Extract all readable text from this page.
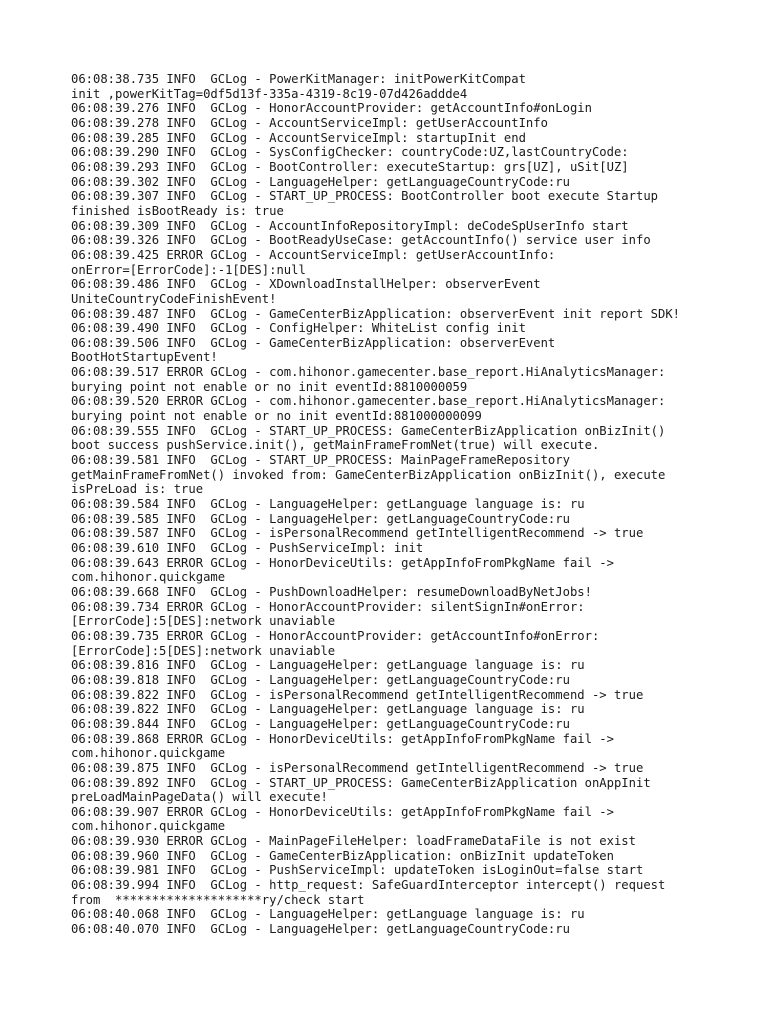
06:08:38.735 INFO  GCLog - PowerKitManager: initPowerKitCompat
init ,powerKitTag=0df5d13f-335a-4319-8c19-07d426addde4
06:08:39.276 INFO  GCLog - HonorAccountProvider: getAccountInfo#onLogin
06:08:39.278 INFO  GCLog - AccountServiceImpl: getUserAccountInfo
06:08:39.285 INFO  GCLog - AccountServiceImpl: startupInit end
06:08:39.290 INFO  GCLog - SysConfigChecker: countryCode:UZ,lastCountryCode:
06:08:39.293 INFO  GCLog - BootController: executeStartup: grs[UZ], uSit[UZ]
06:08:39.302 INFO  GCLog - LanguageHelper: getLanguageCountryCode:ru
06:08:39.307 INFO  GCLog - START_UP_PROCESS: BootController boot execute Startup
finished isBootReady is: true
06:08:39.309 INFO  GCLog - AccountInfoRepositoryImpl: deCodeSpUserInfo start
06:08:39.326 INFO  GCLog - BootReadyUseCase: getAccountInfo() service user info
06:08:39.425 ERROR GCLog - AccountServiceImpl: getUserAccountInfo:
onError=[ErrorCode]:-1[DES]:null
06:08:39.486 INFO  GCLog - XDownloadInstallHelper: observerEvent
UniteCountryCodeFinishEvent!
06:08:39.487 INFO  GCLog - GameCenterBizApplication: observerEvent init report SDK!
06:08:39.490 INFO  GCLog - ConfigHelper: WhiteList config init
06:08:39.506 INFO  GCLog - GameCenterBizApplication: observerEvent
BootHotStartupEvent!
06:08:39.517 ERROR GCLog - com.hihonor.gamecenter.base_report.HiAnalyticsManager:
burying point not enable or no init eventId:8810000059
06:08:39.520 ERROR GCLog - com.hihonor.gamecenter.base_report.HiAnalyticsManager:
burying point not enable or no init eventId:881000000099
06:08:39.555 INFO  GCLog - START_UP_PROCESS: GameCenterBizApplication onBizInit()
boot success pushService.init(), getMainFrameFromNet(true) will execute.
06:08:39.581 INFO  GCLog - START_UP_PROCESS: MainPageFrameRepository
getMainFrameFromNet() invoked from: GameCenterBizApplication onBizInit(), execute
isPreLoad is: true
06:08:39.584 INFO  GCLog - LanguageHelper: getLanguage language is: ru
06:08:39.585 INFO  GCLog - LanguageHelper: getLanguageCountryCode:ru
06:08:39.587 INFO  GCLog - isPersonalRecommend getIntelligentRecommend -> true
06:08:39.610 INFO  GCLog - PushServiceImpl: init
06:08:39.643 ERROR GCLog - HonorDeviceUtils: getAppInfoFromPkgName fail ->
com.hihonor.quickgame
06:08:39.668 INFO  GCLog - PushDownloadHelper: resumeDownloadByNetJobs!
06:08:39.734 ERROR GCLog - HonorAccountProvider: silentSignIn#onError:
[ErrorCode]:5[DES]:network unaviable
06:08:39.735 ERROR GCLog - HonorAccountProvider: getAccountInfo#onError:
[ErrorCode]:5[DES]:network unaviable
06:08:39.816 INFO  GCLog - LanguageHelper: getLanguage language is: ru
06:08:39.818 INFO  GCLog - LanguageHelper: getLanguageCountryCode:ru
06:08:39.822 INFO  GCLog - isPersonalRecommend getIntelligentRecommend -> true
06:08:39.822 INFO  GCLog - LanguageHelper: getLanguage language is: ru
06:08:39.844 INFO  GCLog - LanguageHelper: getLanguageCountryCode:ru
06:08:39.868 ERROR GCLog - HonorDeviceUtils: getAppInfoFromPkgName fail ->
com.hihonor.quickgame
06:08:39.875 INFO  GCLog - isPersonalRecommend getIntelligentRecommend -> true
06:08:39.892 INFO  GCLog - START_UP_PROCESS: GameCenterBizApplication onAppInit
preLoadMainPageData() will execute!
06:08:39.907 ERROR GCLog - HonorDeviceUtils: getAppInfoFromPkgName fail ->
com.hihonor.quickgame
06:08:39.930 ERROR GCLog - MainPageFileHelper: loadFrameDataFile is not exist
06:08:39.960 INFO  GCLog - GameCenterBizApplication: onBizInit updateToken
06:08:39.981 INFO  GCLog - PushServiceImpl: updateToken isLoginOut=false start
06:08:39.994 INFO  GCLog - http_request: SafeGuardInterceptor intercept() request
from  ********************ry/check start
06:08:40.068 INFO  GCLog - LanguageHelper: getLanguage language is: ru
06:08:40.070 INFO  GCLog - LanguageHelper: getLanguageCountryCode:ru
